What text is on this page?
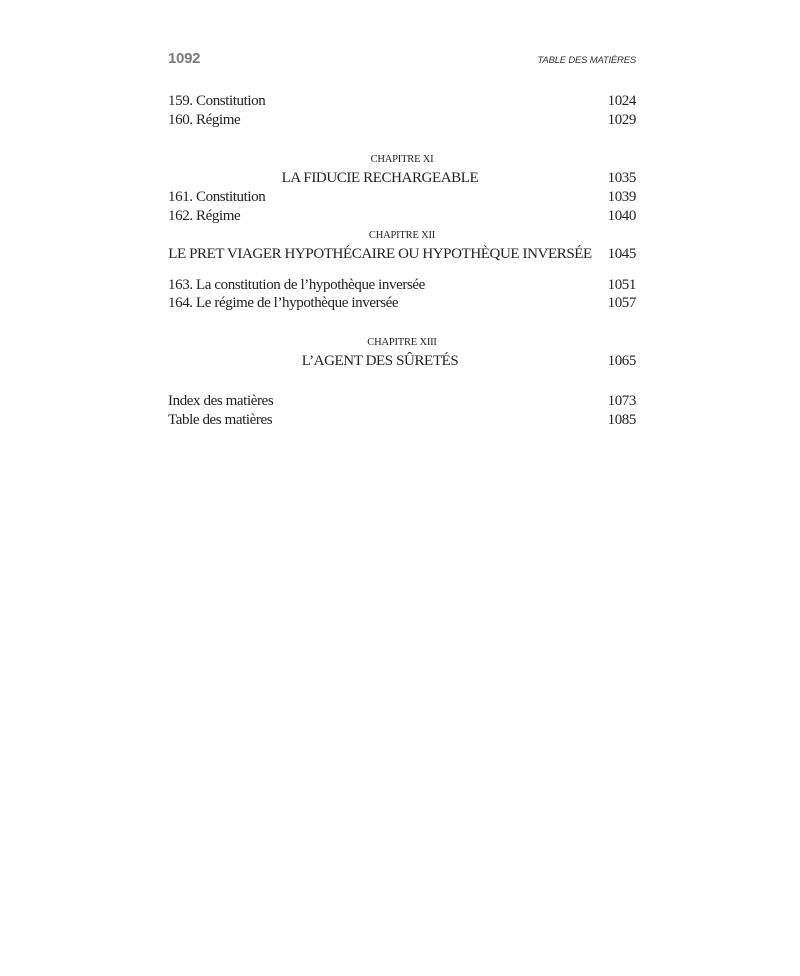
1092	TABLE DES MATIÈRES
159. Constitution	1024
160. Régime	1029
CHAPITRE XI
LA FIDUCIE RECHARGEABLE	1035
161. Constitution	1039
162. Régime	1040
CHAPITRE XII
LE PRET VIAGER HYPOTHÉCAIRE OU HYPOTHÈQUE INVERSÉE 1045
163. La constitution de l’hypothèque inversée	1051
164. Le régime de l’hypothèque inversée	1057
CHAPITRE XIII
L’AGENT DES SÛRETÉS	1065
Index des matières	1073
Table des matières	1085
